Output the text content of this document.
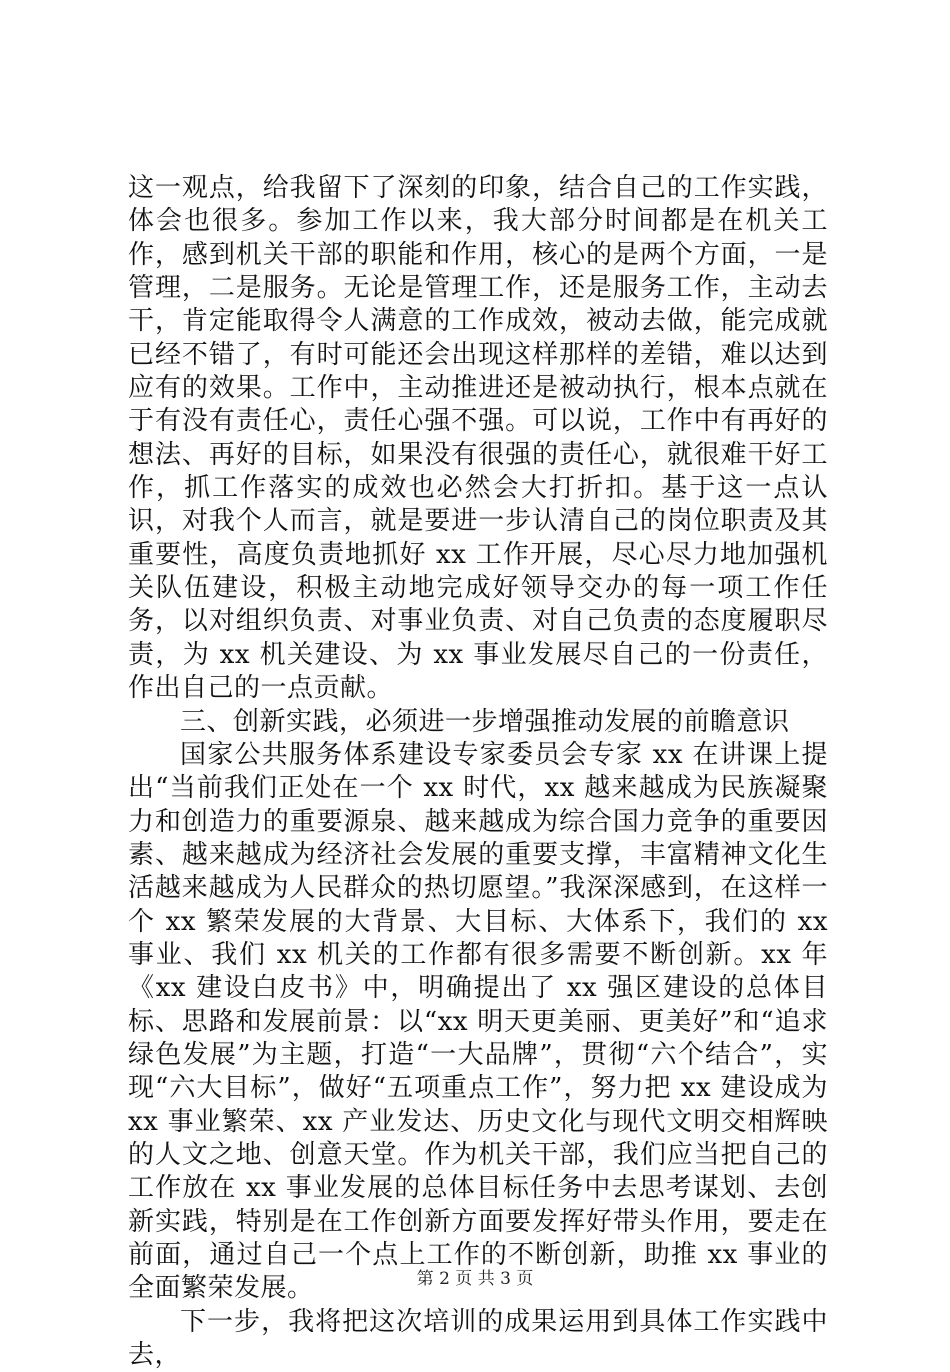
这一观点，给我留下了深刻的印象，结合自己的工作实践，体会也很多。参加工作以来，我大部分时间都是在机关工作，感到机关干部的职能和作用，核心的是两个方面，一是管理，二是服务。无论是管理工作，还是服务工作，主动去干，肯定能取得令人满意的工作成效，被动去做，能完成就已经不错了，有时可能还会出现这样那样的差错，难以达到应有的效果。工作中，主动推进还是被动执行，根本点就在于有没有责任心，责任心强不强。可以说，工作中有再好的想法、再好的目标，如果没有很强的责任心，就很难干好工作，抓工作落实的成效也必然会大打折扣。基于这一点认识，对我个人而言，就是要进一步认清自己的岗位职责及其重要性，高度负责地抓好 xx 工作开展，尽心尽力地加强机关队伍建设，积极主动地完成好领导交办的每一项工作任务，以对组织负责、对事业负责、对自己负责的态度履职尽责，为 xx 机关建设、为 xx 事业发展尽自己的一份责任，作出自己的一点贡献。

三、创新实践，必须进一步增强推动发展的前瞻意识

国家公共服务体系建设专家委员会专家 xx 在讲课上提出“当前我们正处在一个 xx 时代，xx 越来越成为民族凝聚力和创造力的重要源泉、越来越成为综合国力竞争的重要因素、越来越成为经济社会发展的重要支撑，丰富精神文化生活越来越成为人民群众的热切愿望。”我深深感到，在这样一个 xx 繁荣发展的大背景、大目标、大体系下，我们的 xx 事业、我们 xx 机关的工作都有很多需要不断创新。xx 年《xx 建设白皮书》中，明确提出了 xx 强区建设的总体目标、思路和发展前景：以“xx 明天更美丽、更美好”和“追求绿色发展”为主题，打造“一大品牌”，贯彻“六个结合”，实现“六大目标”，做好“五项重点工作”，努力把 xx 建设成为 xx 事业繁荣、xx 产业发达、历史文化与现代文明交相辉映的人文之地、创意天堂。作为机关干部，我们应当把自己的工作放在 xx 事业发展的总体目标任务中去思考谋划、去创新实践，特别是在工作创新方面要发挥好带头作用，要走在前面，通过自己一个点上工作的不断创新，助推 xx 事业的全面繁荣发展。

下一步，我将把这次培训的成果运用到具体工作实践中去，

第 2 页 共 3 页
